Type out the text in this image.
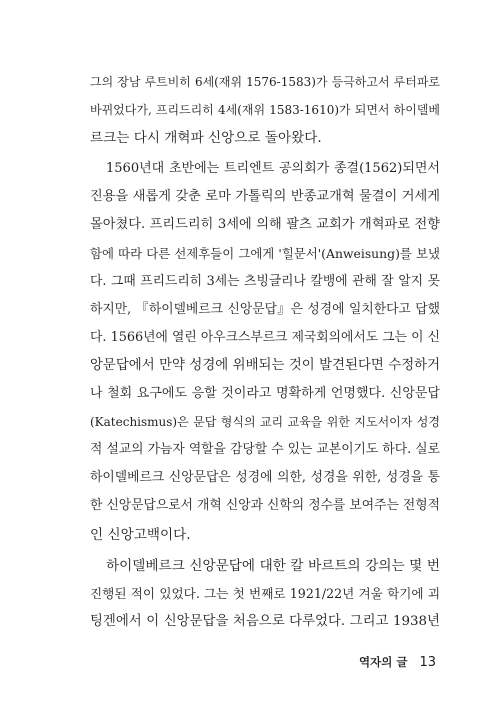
그의 장남 루트비히 6세(재위 1576-1583)가 등극하고서 루터파로
바뀌었다가, 프리드리히 4세(재위 1583-1610)가 되면서 하이델베
르크는 다시 개혁파 신앙으로 돌아왔다.
1560년대 초반에는 트리엔트 공의회가 종결(1562)되면서
진용을 새롭게 갖춘 로마 가톨릭의 반종교개혁 물결이 거세게
몰아쳤다. 프리드리히 3세에 의해 팔츠 교회가 개혁파로 전향
함에 따라 다른 선제후들이 그에게 '힐문서'(Anweisung)를 보냈
다. 그때 프리드리히 3세는 츠빙글리나 칼뱅에 관해 잘 알지 못
하지만, 『하이델베르크 신앙문답』은 성경에 일치한다고 답했
다. 1566년에 열린 아우크스부르크 제국회의에서도 그는 이 신
앙문답에서 만약 성경에 위배되는 것이 발견된다면 수정하거
나 철회 요구에도 응할 것이라고 명확하게 언명했다. 신앙문답
(Katechismus)은 문답 형식의 교리 교육을 위한 지도서이자 성경
적 설교의 가늠자 역할을 감당할 수 있는 교본이기도 하다. 실로
하이델베르크 신앙문답은 성경에 의한, 성경을 위한, 성경을 통
한 신앙문답으로서 개혁 신앙과 신학의 정수를 보여주는 전형적
인 신앙고백이다.
하이델베르크 신앙문답에 대한 칼 바르트의 강의는 몇 번
진행된 적이 있었다. 그는 첫 번째로 1921/22년 겨울 학기에 괴
팅겐에서 이 신앙문답을 처음으로 다루었다. 그리고 1938년
역자의 글 13
